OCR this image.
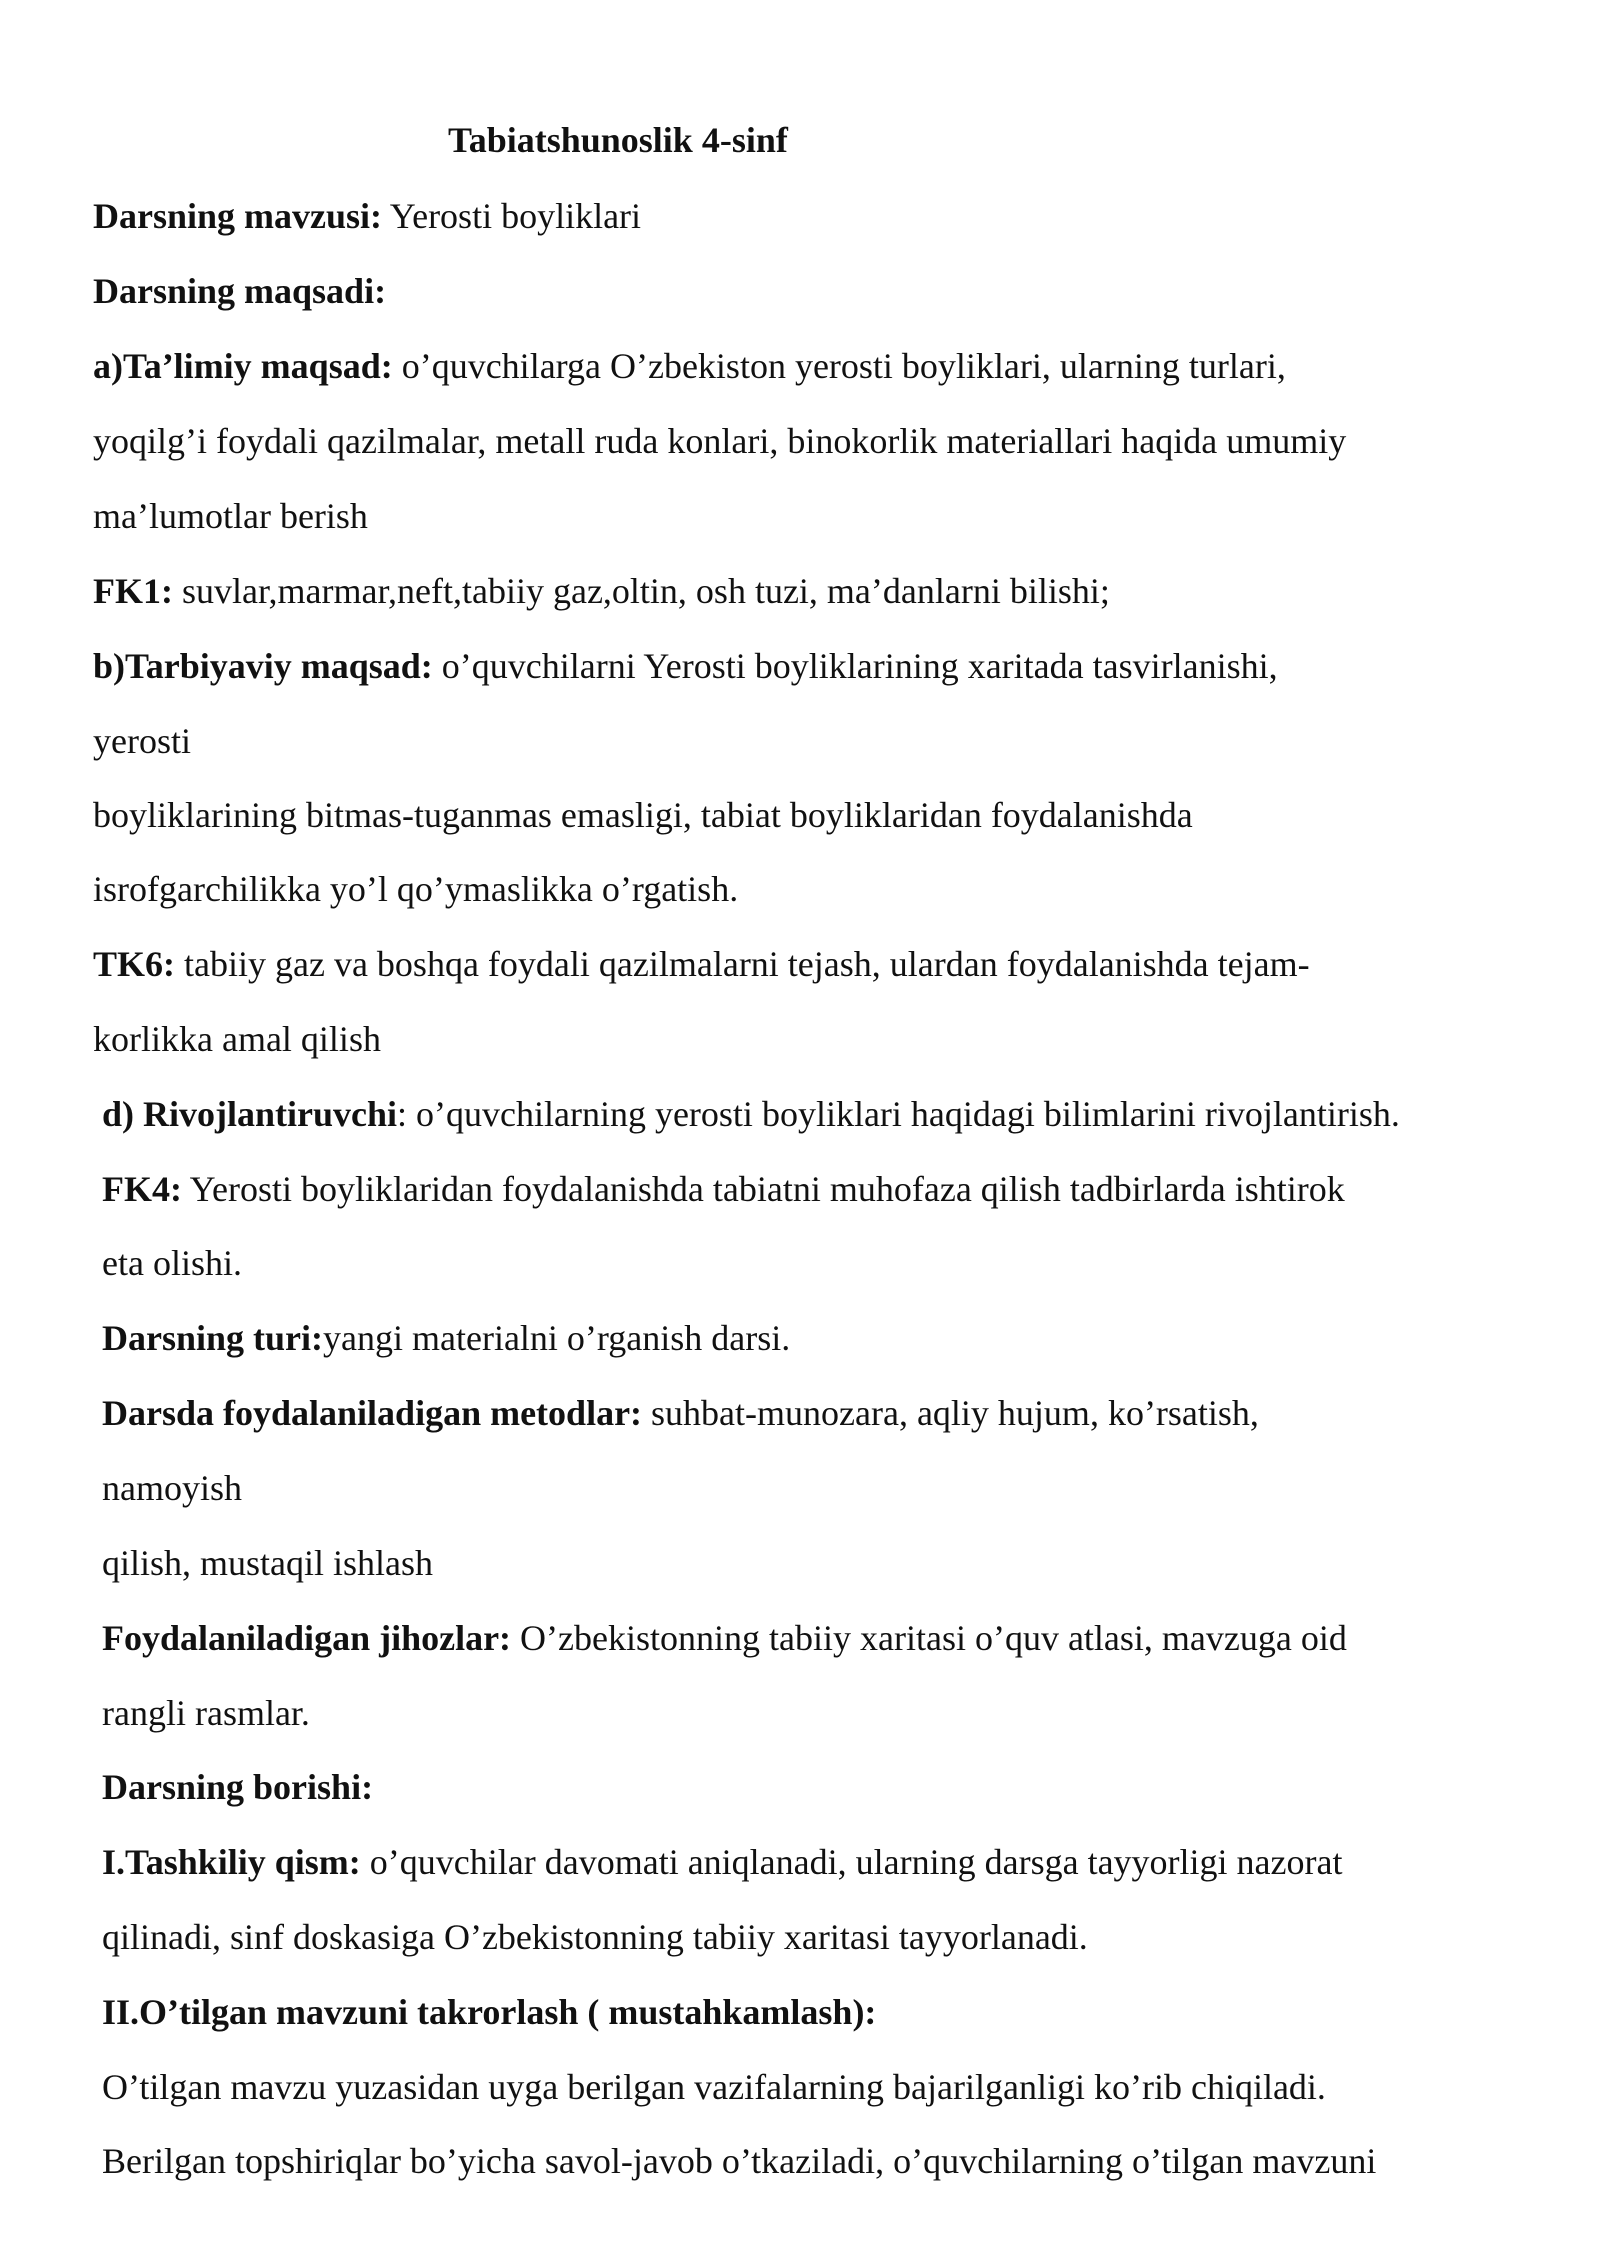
Tabiatshunoslik 4-sinf

Darsning mavzusi: Yerosti boyliklari

Darsning maqsadi:

a)Ta’limiy maqsad: o’quvchilarga O’zbekiston yerosti boyliklari, ularning turlari,

yoqilg’i foydali qazilmalar, metall ruda konlari, binokorlik materiallari haqida umumiy

ma’lumotlar berish

FK1: suvlar,marmar,neft,tabiiy gaz,oltin, osh tuzi, ma’danlarni bilishi;

b)Tarbiyaviy maqsad: o’quvchilarni Yerosti boyliklarining xaritada tasvirlanishi,

yerosti

boyliklarining bitmas-tuganmas emasligi, tabiat boyliklaridan foydalanishda

isrofgarchilikka yo’l qo’ymaslikka o’rgatish.

TK6: tabiiy gaz va boshqa foydali qazilmalarni tejash, ulardan foydalanishda tejam-

korlikka amal qilish

d) Rivojlantiruvchi: o’quvchilarning yerosti boyliklari haqidagi bilimlarini rivojlantirish.

FK4: Yerosti boyliklaridan foydalanishda tabiatni muhofaza qilish tadbirlarda ishtirok

eta olishi.

Darsning turi:yangi materialni o’rganish darsi.

Darsda foydalaniladigan metodlar: suhbat-munozara, aqliy hujum, ko’rsatish,

namoyish

qilish, mustaqil ishlash

Foydalaniladigan jihozlar: O’zbekistonning tabiiy xaritasi o’quv atlasi, mavzuga oid

rangli rasmlar.

Darsning borishi:

I.Tashkiliy qism: o’quvchilar davomati aniqlanadi, ularning darsga tayyorligi nazorat

qilinadi, sinf doskasiga O’zbekistonning tabiiy xaritasi tayyorlanadi.

II.O’tilgan mavzuni takrorlash ( mustahkamlash):

O’tilgan mavzu yuzasidan uyga berilgan vazifalarning bajarilganligi ko’rib chiqiladi.

Berilgan topshiriqlar bo’yicha savol-javob o’tkaziladi, o’quvchilarning o’tilgan mavzuni
